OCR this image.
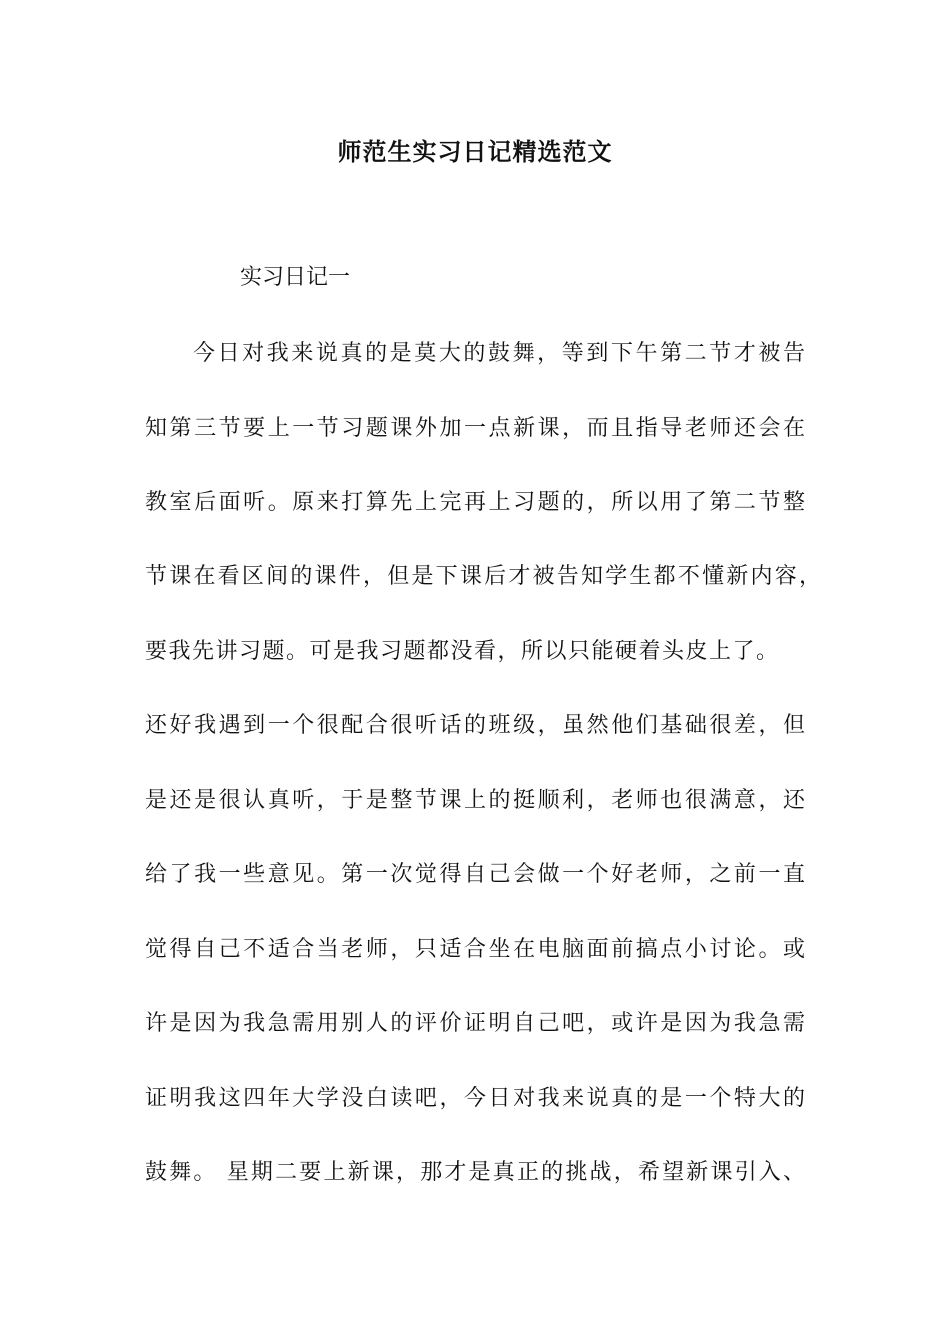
师范生实习日记精选范文
实习日记一
今日对我来说真的是莫大的鼓舞，等到下午第二节才被告
知第三节要上一节习题课外加一点新课，而且指导老师还会在
教室后面听。原来打算先上完再上习题的，所以用了第二节整
节课在看区间的课件，但是下课后才被告知学生都不懂新内容，
要我先讲习题。可是我习题都没看，所以只能硬着头皮上了。
还好我遇到一个很配合很听话的班级，虽然他们基础很差，但
是还是很认真听，于是整节课上的挺顺利，老师也很满意，还
给了我一些意见。第一次觉得自己会做一个好老师，之前一直
觉得自己不适合当老师，只适合坐在电脑面前搞点小讨论。或
许是因为我急需用别人的评价证明自己吧，或许是因为我急需
证明我这四年大学没白读吧，今日对我来说真的是一个特大的
鼓舞。 星期二要上新课，那才是真正的挑战，希望新课引入、
